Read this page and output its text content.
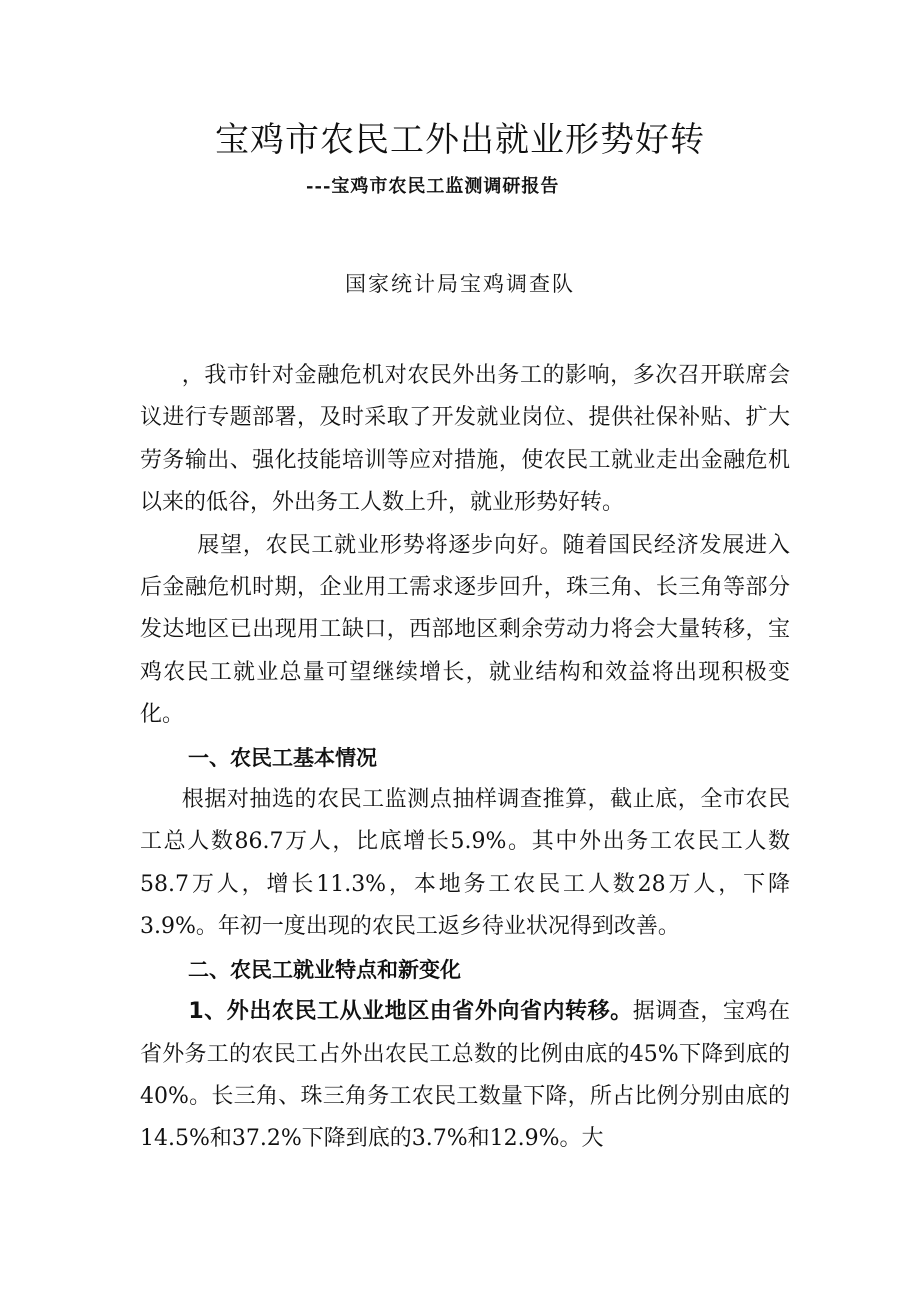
宝鸡市农民工外出就业形势好转
---宝鸡市农民工监测调研报告
国家统计局宝鸡调查队

，我市针对金融危机对农民外出务工的影响，多次召开联席会议进行专题部署，及时采取了开发就业岗位、提供社保补贴、扩大劳务输出、强化技能培训等应对措施，使农民工就业走出金融危机以来的低谷，外出务工人数上升，就业形势好转。

展望，农民工就业形势将逐步向好。随着国民经济发展进入后金融危机时期，企业用工需求逐步回升，珠三角、长三角等部分发达地区已出现用工缺口，西部地区剩余劳动力将会大量转移，宝鸡农民工就业总量可望继续增长，就业结构和效益将出现积极变化。

一、农民工基本情况

根据对抽选的农民工监测点抽样调查推算，截止底，全市农民工总人数86.7万人，比底增长5.9%。其中外出务工农民工人数58.7万人，增长11.3%，本地务工农民工人数28万人，下降3.9%。年初一度出现的农民工返乡待业状况得到改善。

二、农民工就业特点和新变化

1、外出农民工从业地区由省外向省内转移。据调查，宝鸡在省外务工的农民工占外出农民工总数的比例由底的45%下降到底的40%。长三角、珠三角务工农民工数量下降，所占比例分别由底的14.5%和37.2%下降到底的3.7%和12.9%。大
